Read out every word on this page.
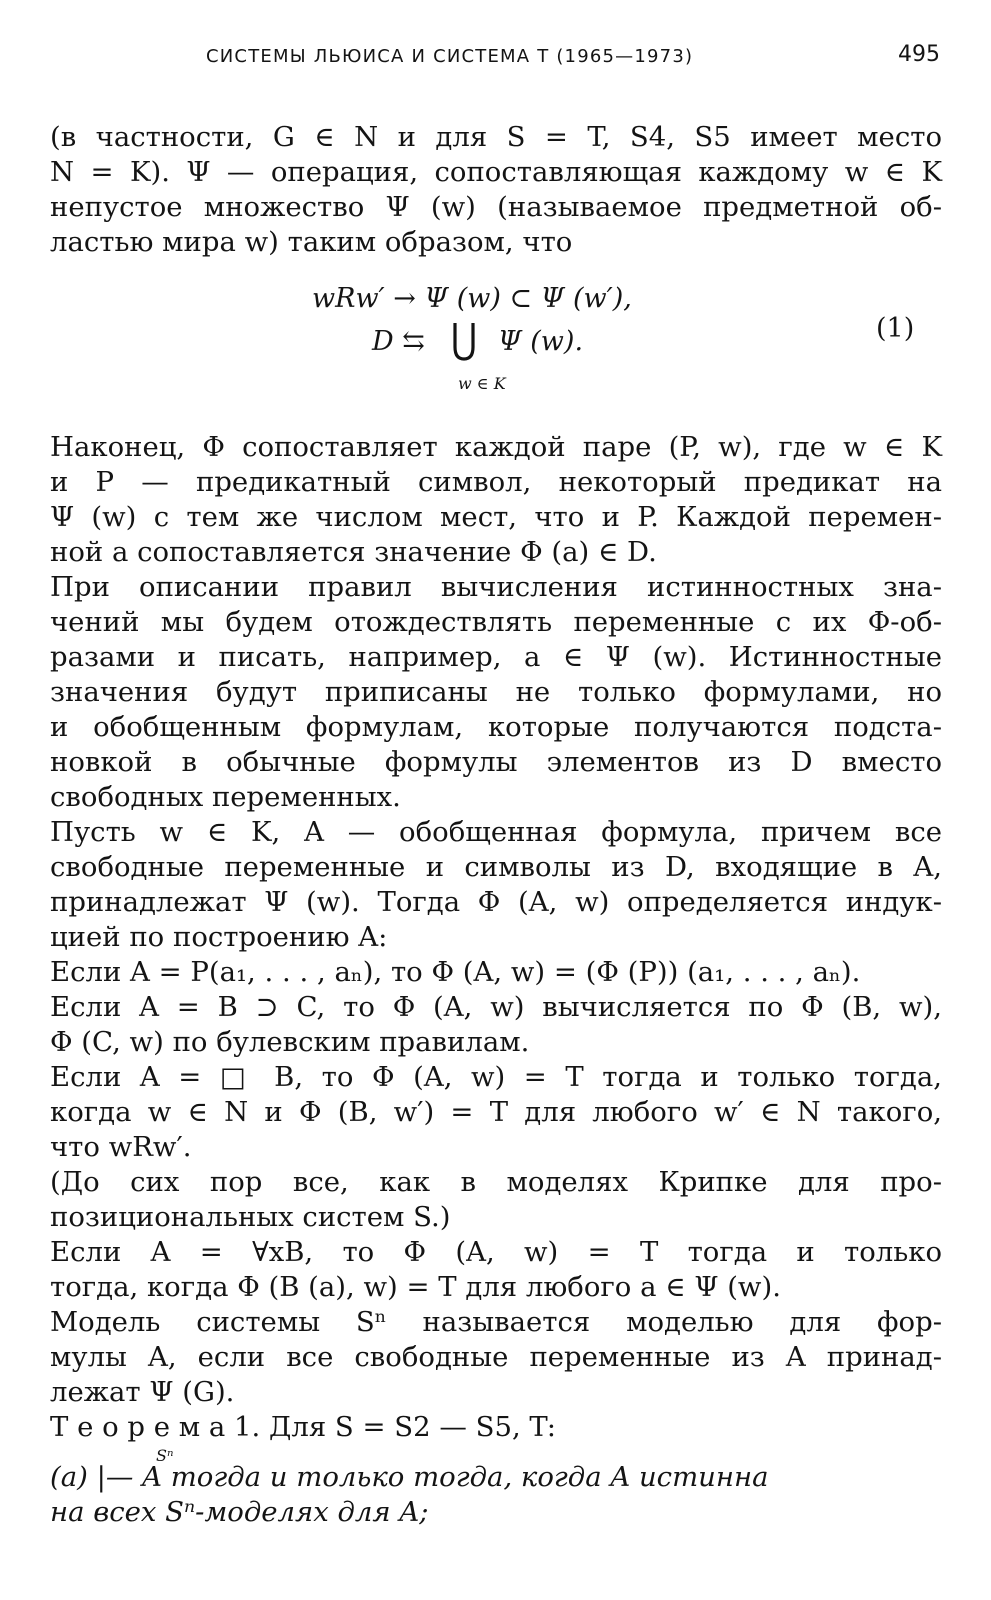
СИСТЕМЫ ЛЬЮИСА И СИСТЕМА T (1965—1973)	495
(в частности, G ∈ N и для S = T, S4, S5 имеет место
N = K). Ψ — операция, сопоставляющая каждому w ∈ K
непустое множество Ψ (w) (называемое предметной об-
ластью мира w) таким образом, что
wRw′ → Ψ (w) ⊂ Ψ (w′),
D ⇆	Ψ (w).
w ∈ K
(1)
Наконец, Φ сопоставляет каждой паре (P, w), где w ∈ K
и P — предикатный символ, некоторый предикат на
Ψ (w) с тем же числом мест, что и P. Каждой перемен-
ной a сопоставляется значение Φ (a) ∈ D.
При описании правил вычисления истинностных зна-
чений мы будем отождествлять переменные с их Φ-об-
разами и писать, например, a ∈ Ψ (w). Истинностные
значения будут приписаны не только формулами, но
и обобщенным формулам, которые получаются подста-
новкой в обычные формулы элементов из D вместо
свободных переменных.
Пусть w ∈ K, A — обобщенная формула, причем все
свободные переменные и символы из D, входящие в A,
принадлежат Ψ (w). Тогда Φ (A, w) определяется индук-
цией по построению A:
Если A = P(a₁, . . . , aₙ), то Φ (A, w) = (Φ (P)) (a₁, . . . , aₙ).
Если A = B ⊃ C, то Φ (A, w) вычисляется по Φ (B, w),
Φ (C, w) по булевским правилам.
Если A = □ B, то Φ (A, w) = T тогда и только тогда,
когда w ∈ N и Φ (B, w′) = T для любого w′ ∈ N такого,
что wRw′.
(До сих пор все, как в моделях Крипке для про-
позициональных систем S.)
Если A = ∀xB, то Φ (A, w) = T тогда и только
тогда, когда Φ (B (a), w) = T для любого a ∈ Ψ (w).
Модель системы Sⁿ называется моделью для фор-
мулы A, если все свободные переменные из A принад-
лежат Ψ (G).
Т е о р е м а 1. Для S = S2 — S5, T:
Sⁿ
(a) |— A тогда и только тогда, когда A истинна
на всех Sⁿ-моделях для A;
